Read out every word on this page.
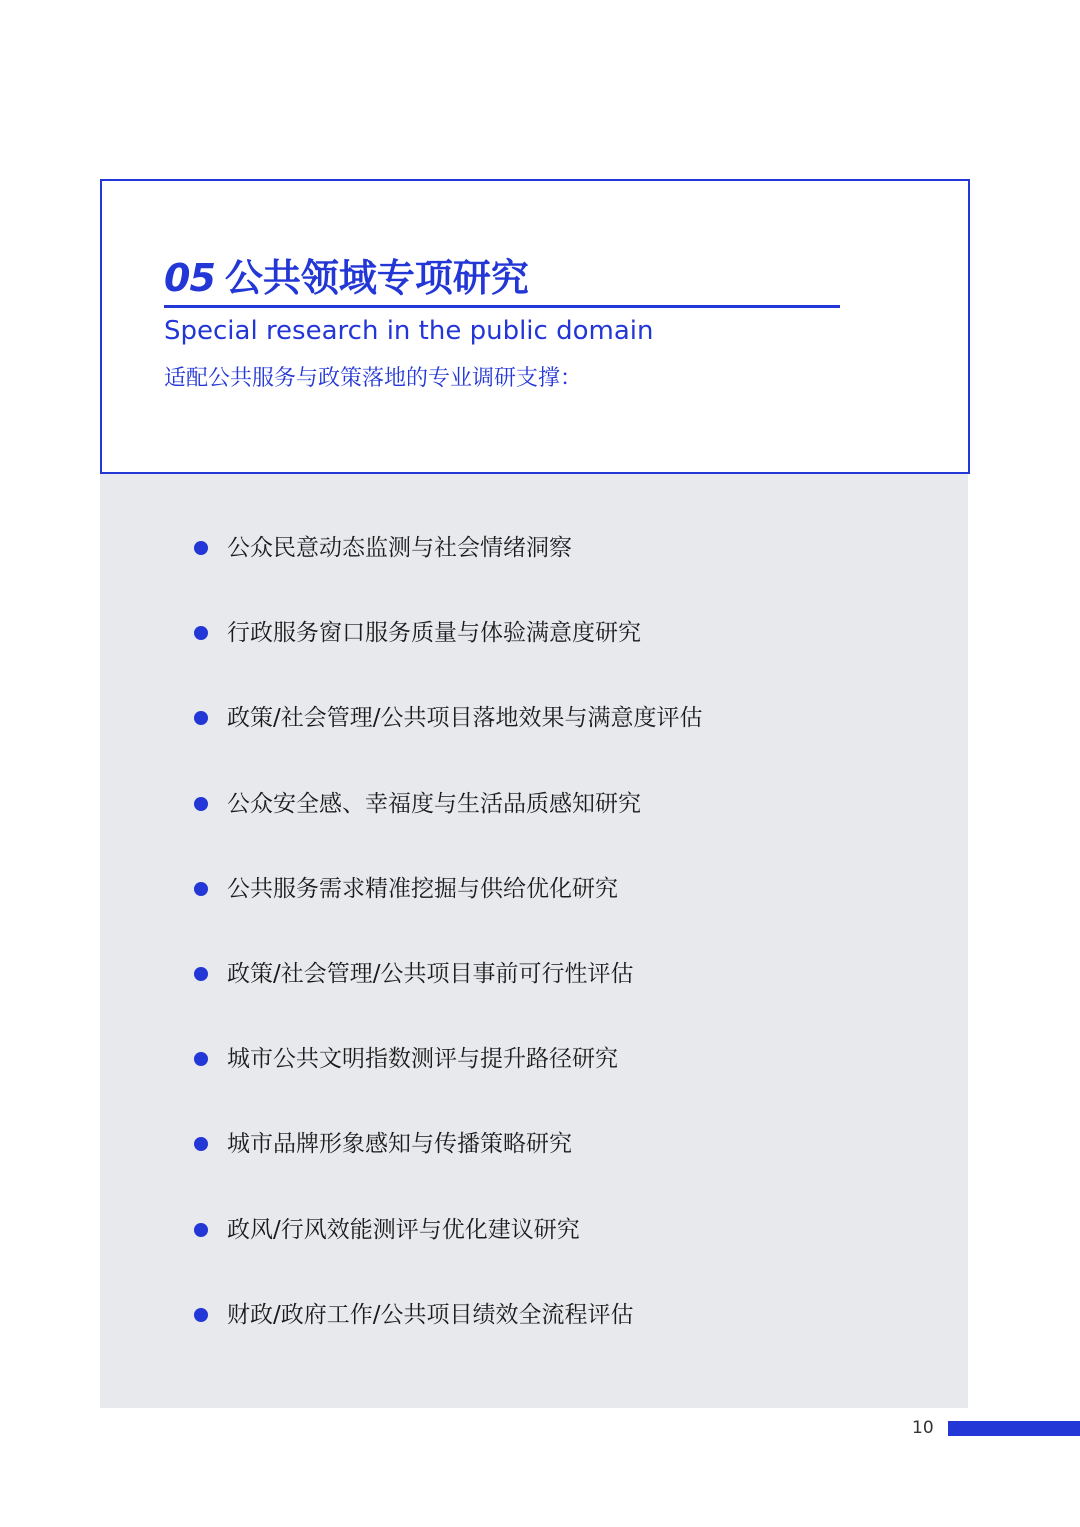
05 公共领域专项研究
Special research in the public domain
适配公共服务与政策落地的专业调研支撑：
公众民意动态监测与社会情绪洞察
行政服务窗口服务质量与体验满意度研究
政策/社会管理/公共项目落地效果与满意度评估
公众安全感、幸福度与生活品质感知研究
公共服务需求精准挖掘与供给优化研究
政策/社会管理/公共项目事前可行性评估
城市公共文明指数测评与提升路径研究
城市品牌形象感知与传播策略研究
政风/行风效能测评与优化建议研究
财政/政府工作/公共项目绩效全流程评估
10
